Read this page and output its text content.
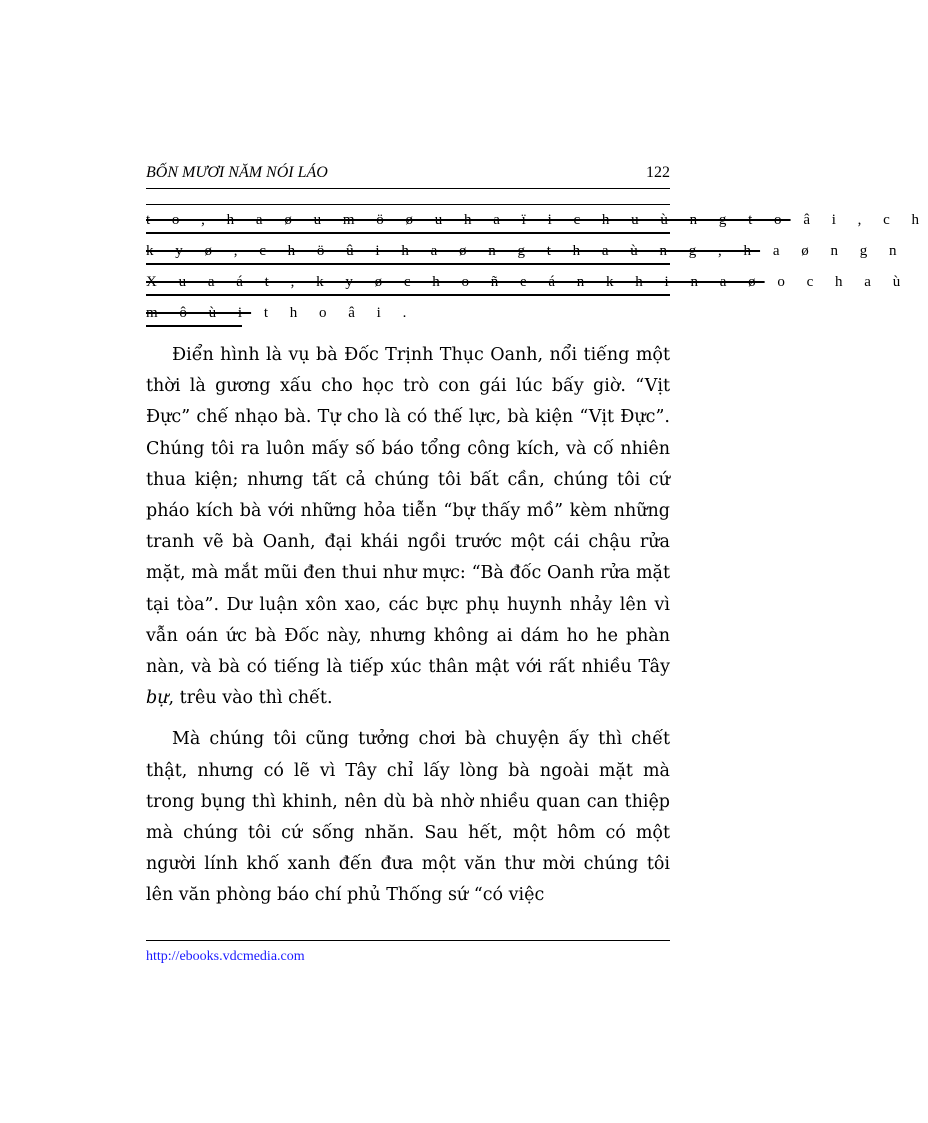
BỐN MƯƠI NĂM NÓI LÁO	122
t o , h a ø u m ö ø u h a ï i c h u ù n g t o â i , c h
k y ø , c h ö û i h a ø n g t h a ù n g , h a ø n g n
X u a á t , k y ø c h o ñ e á n k h i n a ø o c h a ù
m ô ù i t h o â i .

Điển hình là vụ bà Đốc Trịnh Thục Oanh, nổi tiếng một thời là gương xấu cho học trò con gái lúc bấy giờ. “Vịt Đực” chế nhạo bà. Tự cho là có thế lực, bà kiện “Vịt Đực”. Chúng tôi ra luôn mấy số báo tổng công kích, và cố nhiên thua kiện; nhưng tất cả chúng tôi bất cần, chúng tôi cứ pháo kích bà với những hỏa tiễn “bự thấy mồ” kèm những tranh vẽ bà Oanh, đại khái ngồi trước một cái chậu rửa mặt, mà mắt mũi đen thui như mực: “Bà đốc Oanh rửa mặt tại tòa”. Dư luận xôn xao, các bực phụ huynh nhảy lên vì vẫn oán ức bà Đốc này, nhưng không ai dám ho he phàn nàn, và bà có tiếng là tiếp xúc thân mật với rất nhiều Tây bự, trêu vào thì chết.

Mà chúng tôi cũng tưởng chơi bà chuyện ấy thì chết thật, nhưng có lẽ vì Tây chỉ lấy lòng bà ngoài mặt mà trong bụng thì khinh, nên dù bà nhờ nhiều quan can thiệp mà chúng tôi cứ sống nhăn. Sau hết, một hôm có một người lính khố xanh đến đưa một văn thư mời chúng tôi lên văn phòng báo chí phủ Thống sứ “có việc

http://ebooks.vdcmedia.com
